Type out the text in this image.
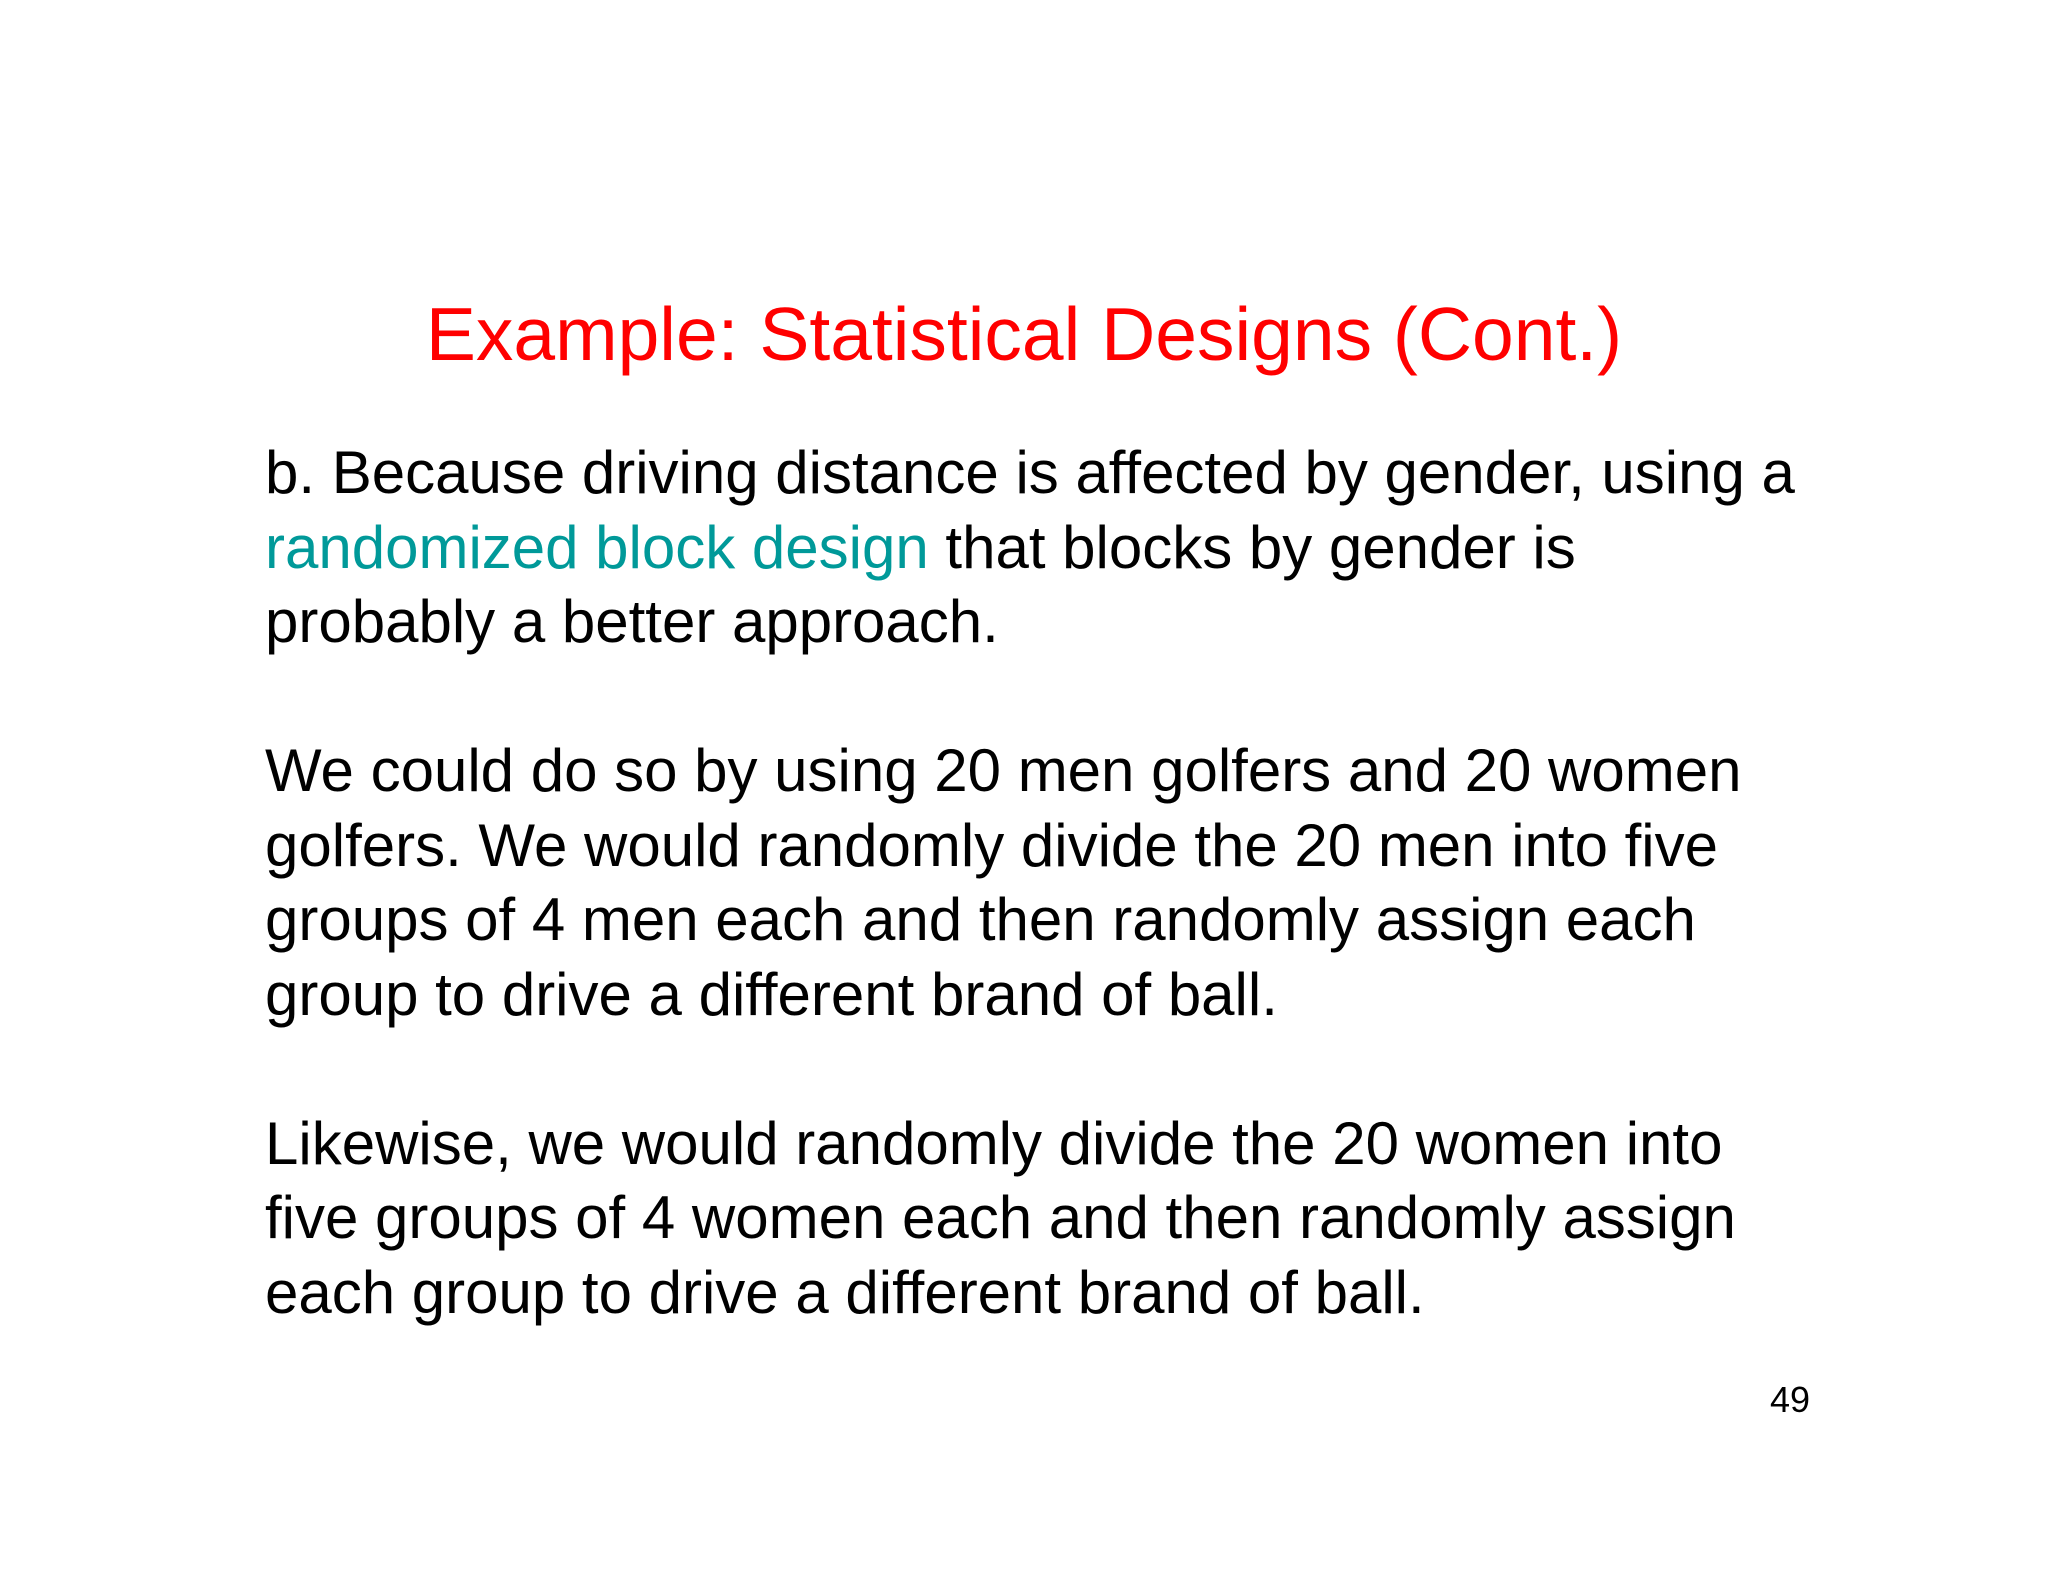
Example: Statistical Designs (Cont.)

b. Because driving distance is affected by gender, using a
randomized block design that blocks by gender is
probably a better approach.

We could do so by using 20 men golfers and 20 women
golfers. We would randomly divide the 20 men into five
groups of 4 men each and then randomly assign each
group to drive a different brand of ball.

Likewise, we would randomly divide the 20 women into
five groups of 4 women each and then randomly assign
each group to drive a different brand of ball.

49
